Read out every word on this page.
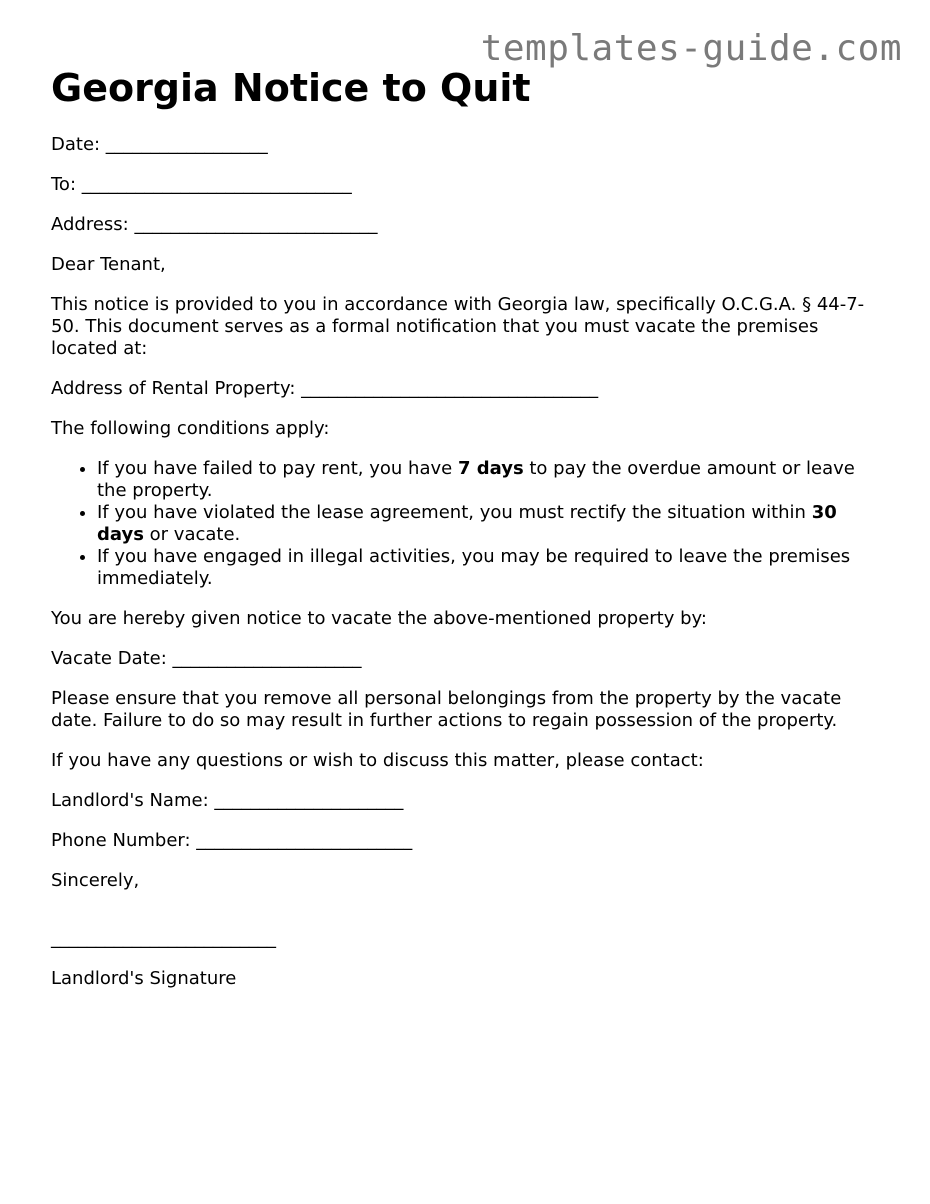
templates-guide.com
Georgia Notice to Quit

Date: __________________

To: ______________________________

Address: ___________________________

Dear Tenant,

This notice is provided to you in accordance with Georgia law, specifically O.C.G.A. § 44-7-50. This document serves as a formal notification that you must vacate the premises located at:

Address of Rental Property: _________________________________

The following conditions apply:

• If you have failed to pay rent, you have 7 days to pay the overdue amount or leave the property.
• If you have violated the lease agreement, you must rectify the situation within 30 days or vacate.
• If you have engaged in illegal activities, you may be required to leave the premises immediately.

You are hereby given notice to vacate the above-mentioned property by:

Vacate Date: _____________________

Please ensure that you remove all personal belongings from the property by the vacate date. Failure to do so may result in further actions to regain possession of the property.

If you have any questions or wish to discuss this matter, please contact:

Landlord's Name: _____________________

Phone Number: ________________________

Sincerely,

_________________________

Landlord's Signature
